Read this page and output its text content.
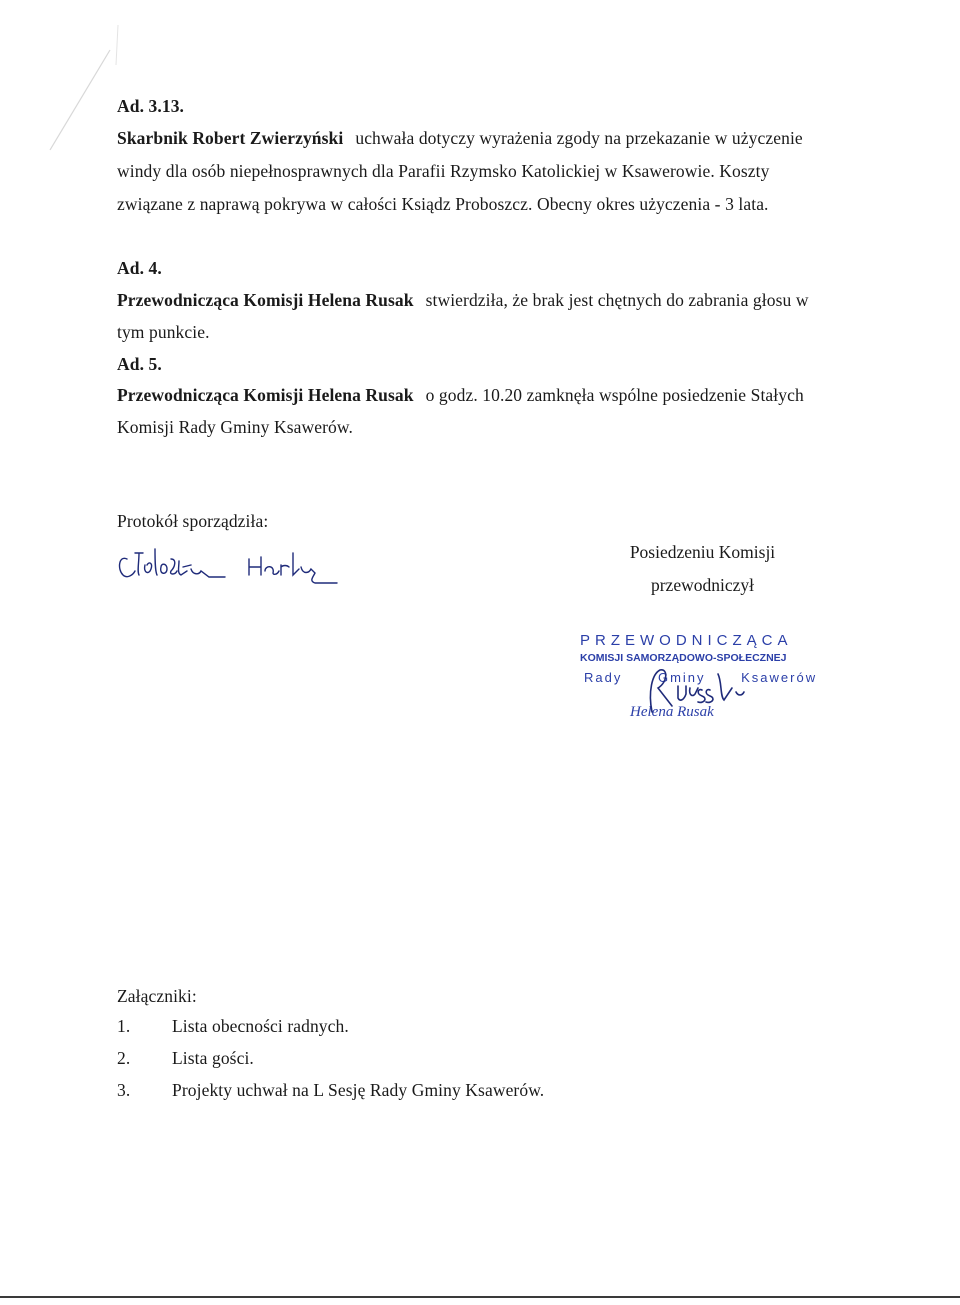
Ad. 3.13.
Skarbnik Robert Zwierzyński uchwała dotyczy wyrażenia zgody na przekazanie w użyczenie
windy dla osób niepełnosprawnych dla Parafii Rzymsko Katolickiej w Ksawerowie. Koszty
związane z naprawą pokrywa w całości Ksiądz Proboszcz. Obecny okres użyczenia - 3 lata.
Ad. 4.
Przewodnicząca Komisji Helena Rusak stwierdziła, że brak jest chętnych do zabrania głosu w
tym punkcie.
Ad. 5.
Przewodnicząca Komisji Helena Rusak o godz. 10.20 zamknęła wspólne posiedzenie Stałych
Komisji Rady Gminy Ksawerów.
Protokół sporządziła:
Posiedzeniu Komisji
przewodniczył
PRZEWODNICZĄCA
KOMISJI SAMORZĄDOWO-SPOŁECZNEJ
Rady Gminy Ksawerów
Helena Rusak
Załączniki:
1. Lista obecności radnych.
2. Lista gości.
3. Projekty uchwał na L Sesję Rady Gminy Ksawerów.
